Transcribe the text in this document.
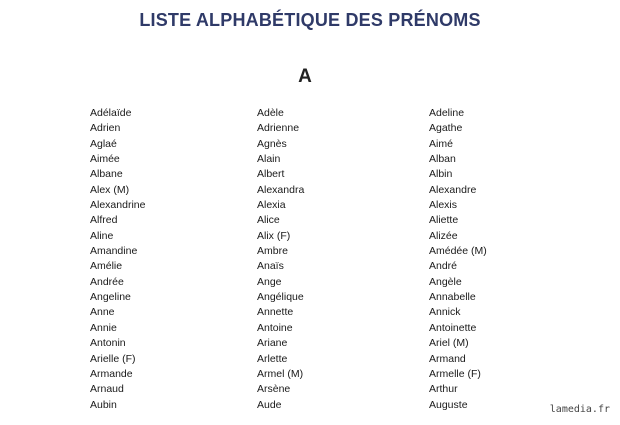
LISTE ALPHABÉTIQUE DES PRÉNOMS
A
Adélaïde
Adrien
Aglaé
Aimée
Albane
Alex (M)
Alexandrine
Alfred
Aline
Amandine
Amélie
Andrée
Angeline
Anne
Annie
Antonin
Arielle (F)
Armande
Arnaud
Aubin
Adèle
Adrienne
Agnès
Alain
Albert
Alexandra
Alexia
Alice
Alix (F)
Ambre
Anaïs
Ange
Angélique
Annette
Antoine
Ariane
Arlette
Armel (M)
Arsène
Aude
Adeline
Agathe
Aimé
Alban
Albin
Alexandre
Alexis
Aliette
Alizée
Amédée (M)
André
Angèle
Annabelle
Annick
Antoinette
Ariel (M)
Armand
Armelle (F)
Arthur
Auguste	lamedia.fr
